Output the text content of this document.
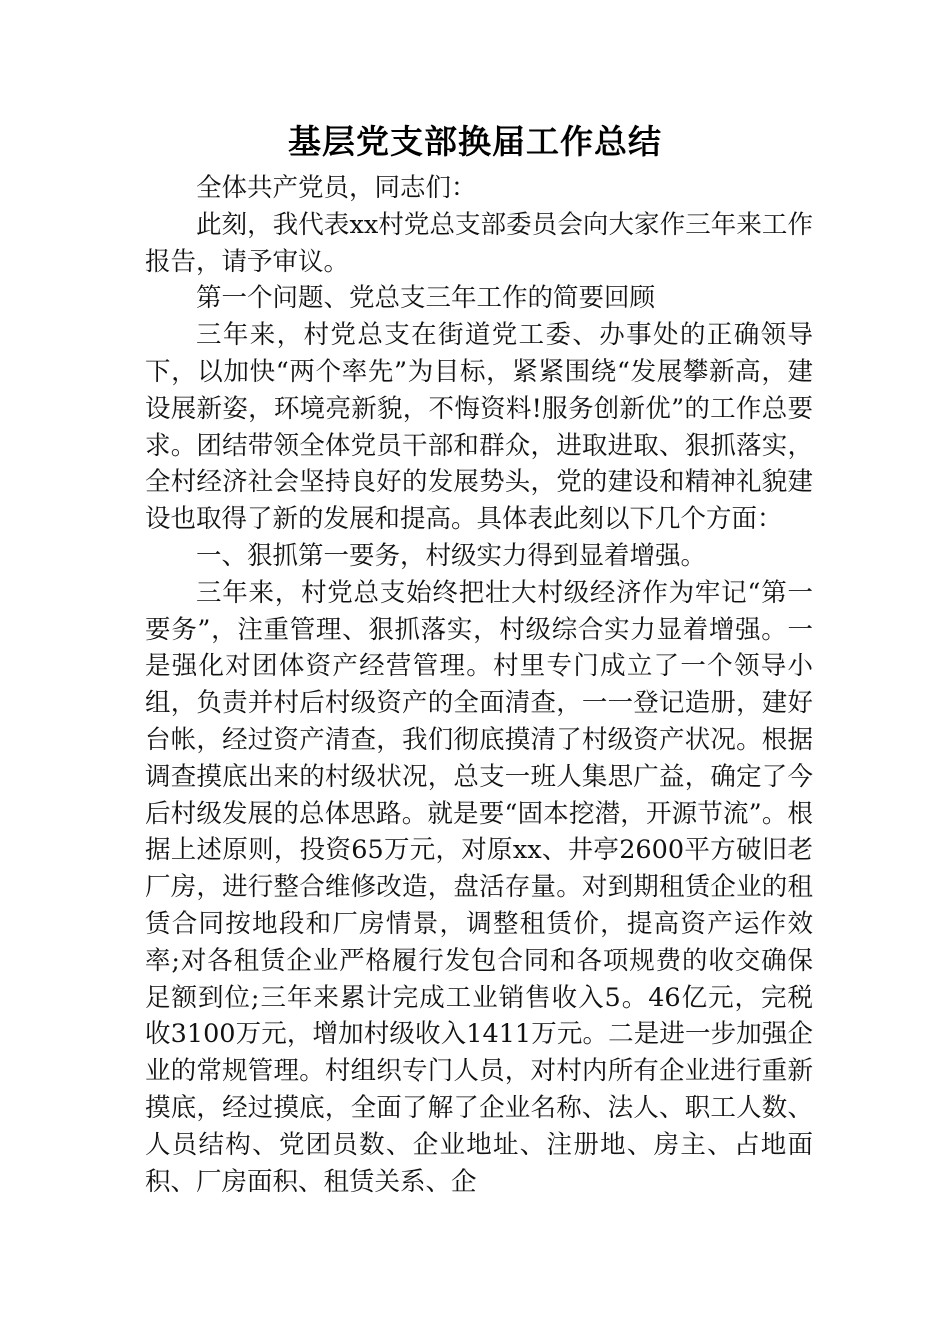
基层党支部换届工作总结

全体共产党员，同志们：

此刻，我代表xx村党总支部委员会向大家作三年来工作报告，请予审议。

第一个问题、党总支三年工作的简要回顾

三年来，村党总支在街道党工委、办事处的正确领导下，以加快“两个率先”为目标，紧紧围绕“发展攀新高，建设展新姿，环境亮新貌，不悔资料!服务创新优”的工作总要求。团结带领全体党员干部和群众，进取进取、狠抓落实，全村经济社会坚持良好的发展势头，党的建设和精神礼貌建设也取得了新的发展和提高。具体表此刻以下几个方面：

一、狠抓第一要务，村级实力得到显着增强。

三年来，村党总支始终把壮大村级经济作为牢记“第一要务”，注重管理、狠抓落实，村级综合实力显着增强。一是强化对团体资产经营管理。村里专门成立了一个领导小组，负责并村后村级资产的全面清查，一一登记造册，建好台帐，经过资产清查，我们彻底摸清了村级资产状况。根据调查摸底出来的村级状况，总支一班人集思广益，确定了今后村级发展的总体思路。就是要“固本挖潜，开源节流”。根据上述原则，投资65万元，对原xx、井亭2600平方破旧老厂房，进行整合维修改造，盘活存量。对到期租赁企业的租赁合同按地段和厂房情景，调整租赁价，提高资产运作效率;对各租赁企业严格履行发包合同和各项规费的收交确保足额到位;三年来累计完成工业销售收入5。46亿元，完税收3100万元，增加村级收入1411万元。二是进一步加强企业的常规管理。村组织专门人员，对村内所有企业进行重新摸底，经过摸底，全面了解了企业名称、法人、职工人数、人员结构、党团员数、企业地址、注册地、房主、占地面积、厂房面积、租赁关系、企
